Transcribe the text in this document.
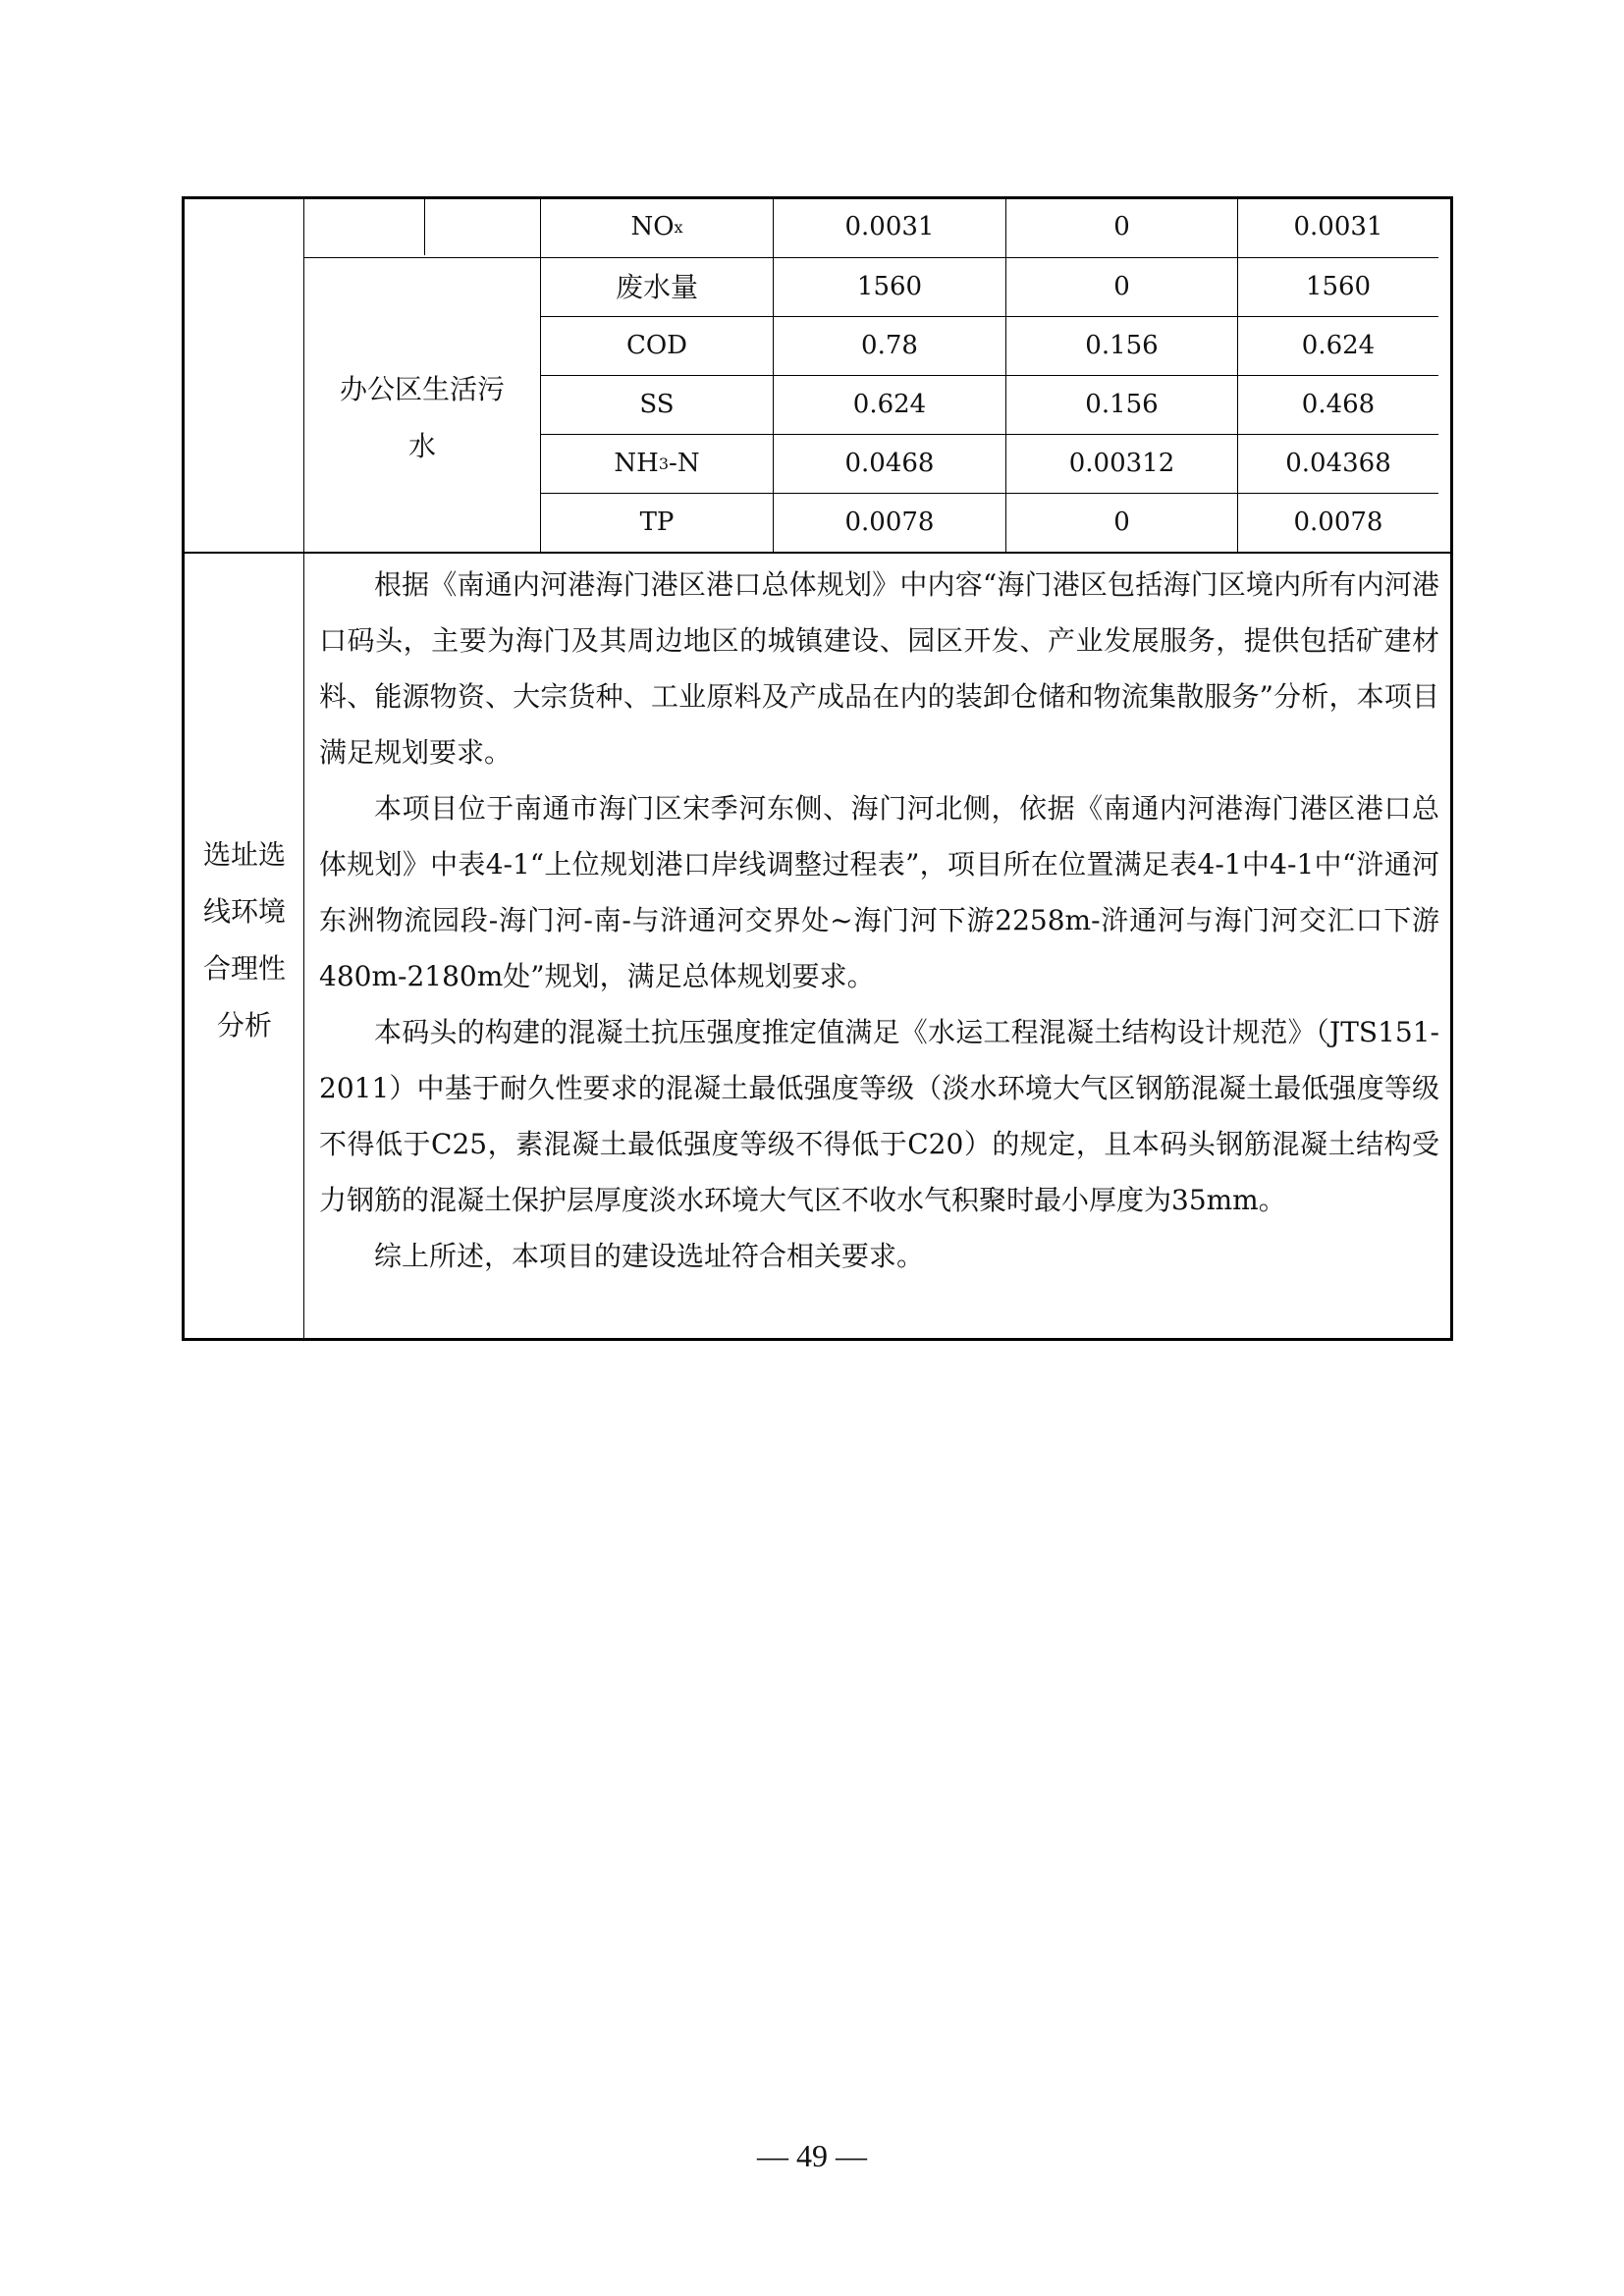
NO x	0.0031	0	0.0031
废水量	1560	0	1560
COD	0.78	0.156	0.624
SS	0.624	0.156	0.468
NH 3 -N	0.0468	0.00312	0.04368
TP	0.0078	0	0.0078
办公区生活污
水
选址选
线环境
合理性
分析

根据《南通内河港海门港区港口总体规划》中内容“海门港区包括海门区境内所有内河港口码头，主要为海门及其周边地区的城镇建设、园区开发、产业发展服务，提供包括矿建材料、能源物资、大宗货种、工业原料及产成品在内的装卸仓储和物流集散服务”分析，本项目满足规划要求。

本项目位于南通市海门区宋季河东侧、海门河北侧，依据《南通内河港海门港区港口总体规划》中表4-1“上位规划港口岸线调整过程表”，项目所在位置满足表4-1中4-1中“浒通河东洲物流园段-海门河-南-与浒通河交界处~海门河下游2258m-浒通河与海门河交汇口下游480m-2180m处”规划，满足总体规划要求。

本码头的构建的混凝土抗压强度推定值满足《水运工程混凝土结构设计规范》（JTS151-2011）中基于耐久性要求的混凝土最低强度等级（淡水环境大气区钢筋混凝土最低强度等级不得低于C25，素混凝土最低强度等级不得低于C20）的规定，且本码头钢筋混凝土结构受力钢筋的混凝土保护层厚度淡水环境大气区不收水气积聚时最小厚度为35mm。

综上所述，本项目的建设选址符合相关要求。

— 49 —
